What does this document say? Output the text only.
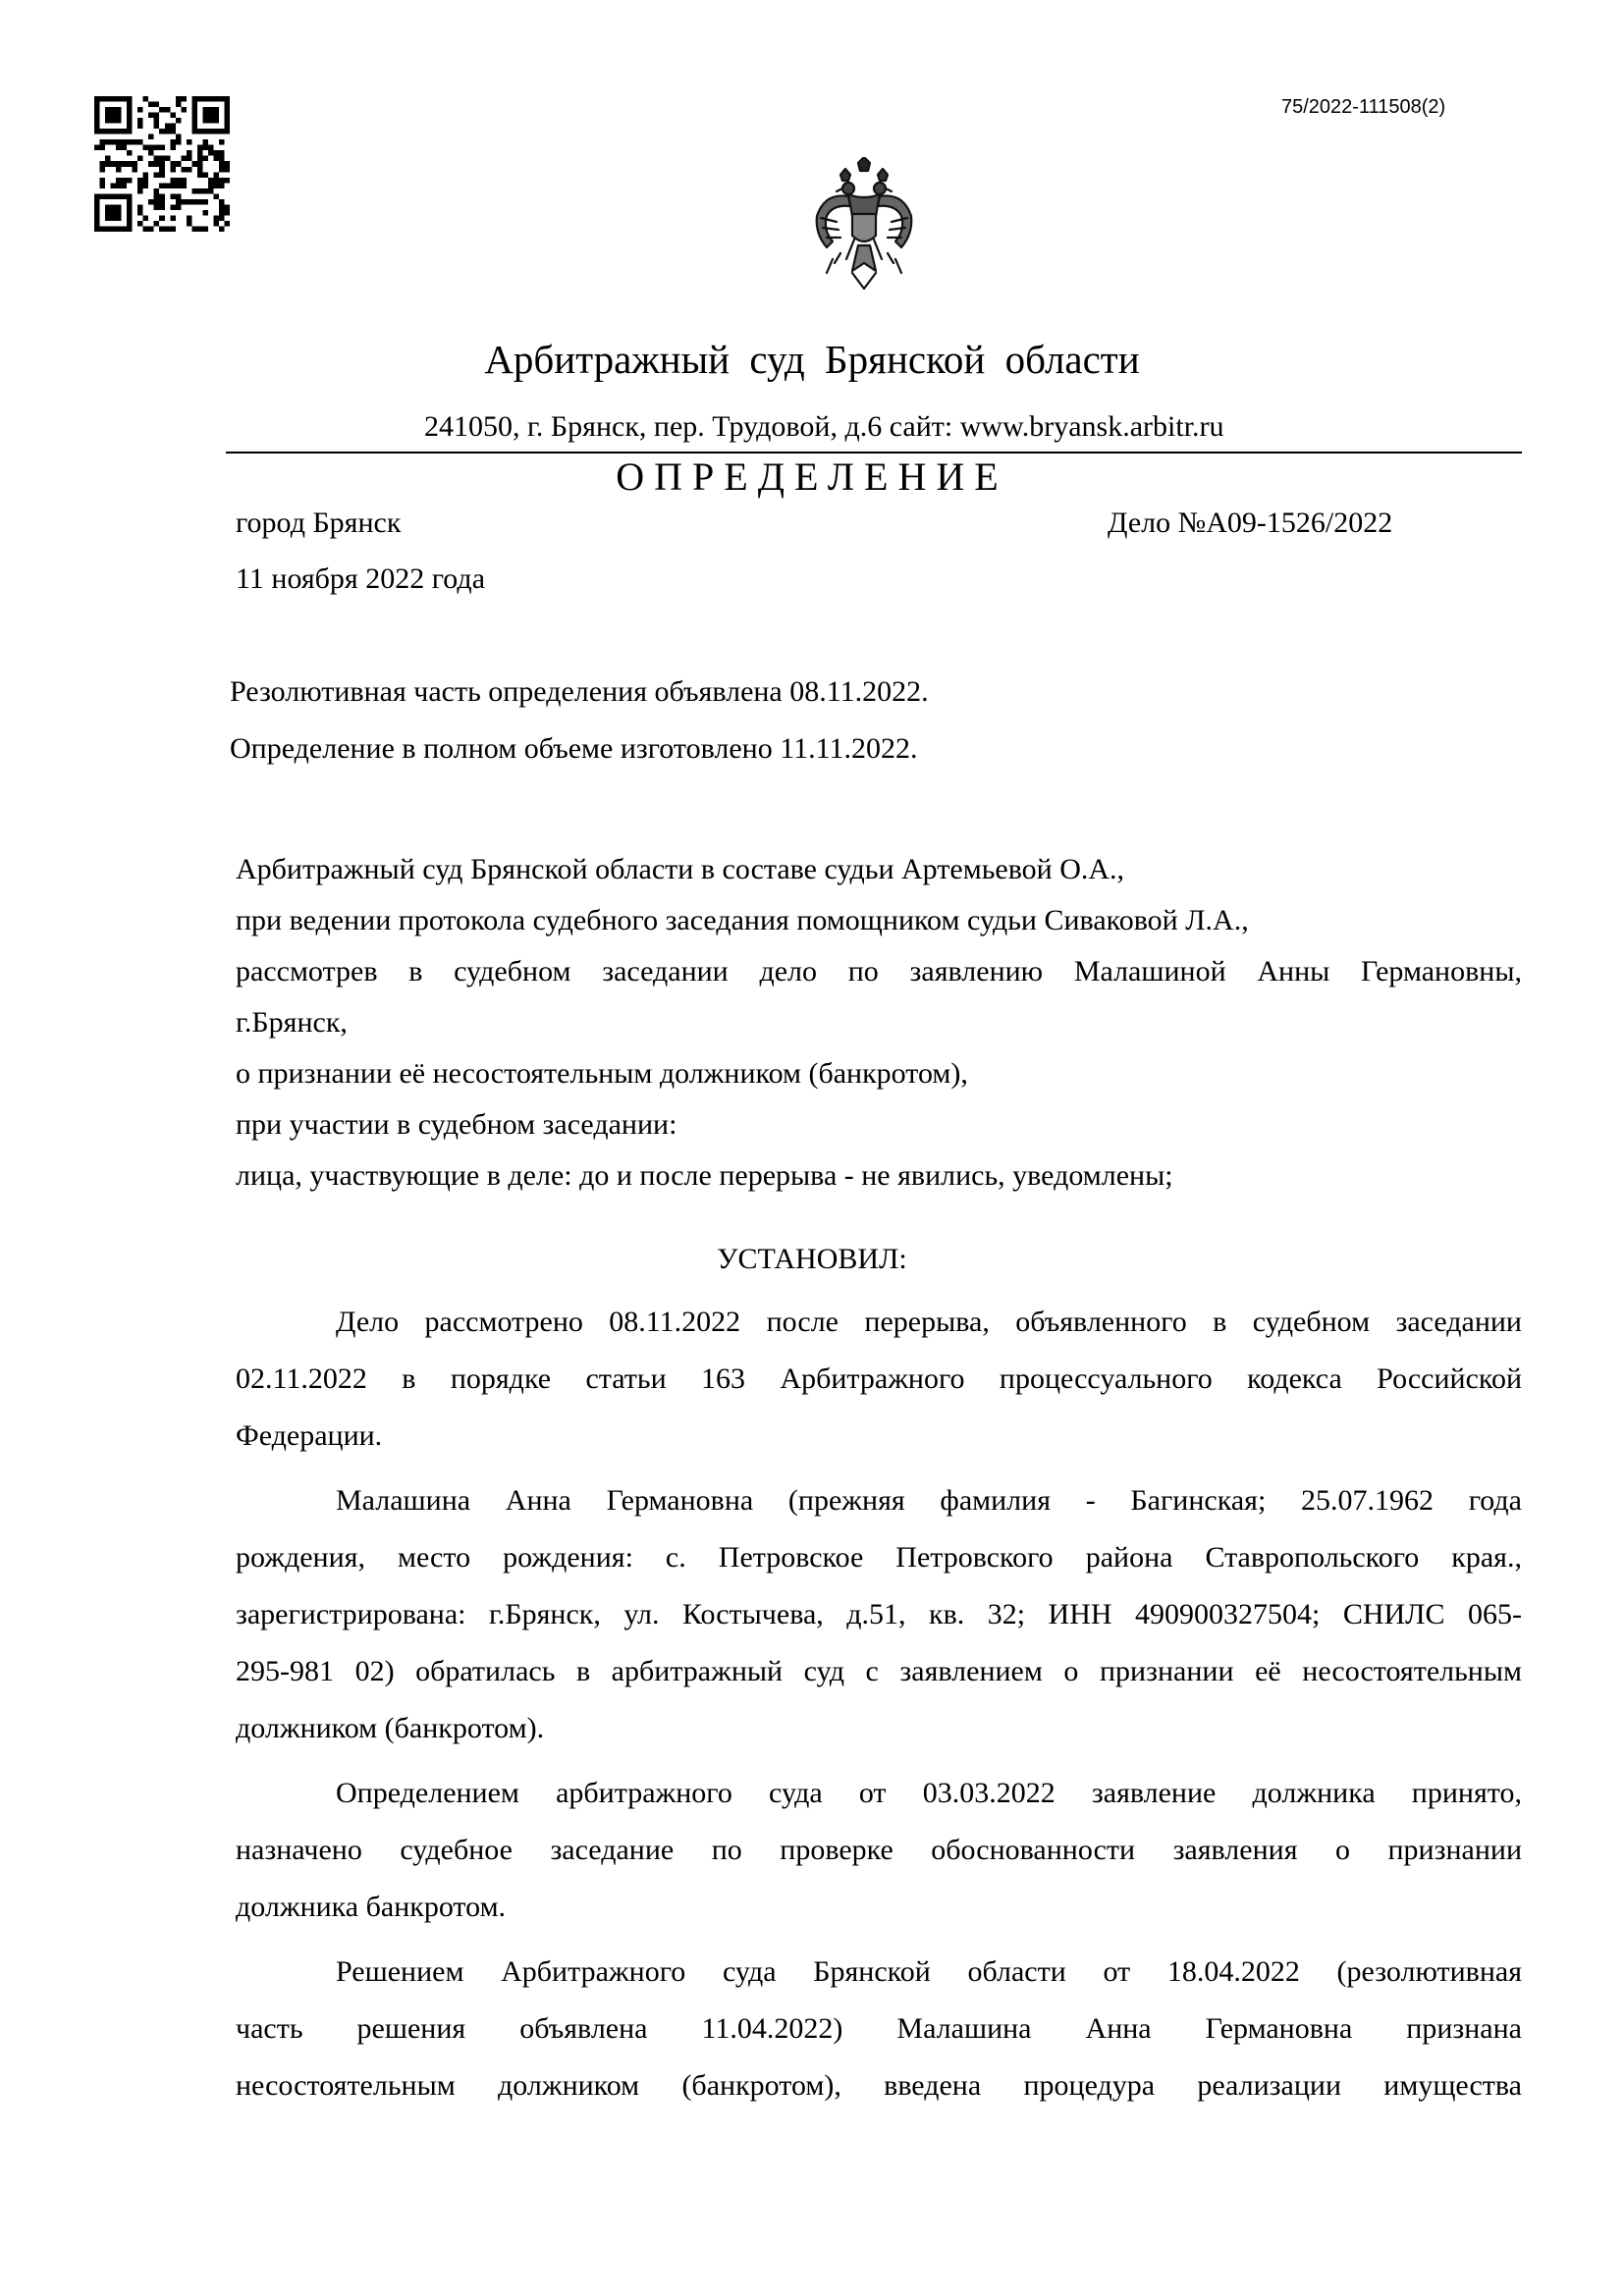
75/2022-111508(2)
Арбитражный суд Брянской области
241050, г. Брянск, пер. Трудовой, д.6 сайт: www.bryansk.arbitr.ru
ОПРЕДЕЛЕНИЕ
город Брянск	Дело №А09-1526/2022
11 ноября 2022 года
Резолютивная часть определения объявлена 08.11.2022.
Определение в полном объеме изготовлено 11.11.2022.
Арбитражный суд Брянской области в составе судьи Артемьевой О.А.,
при ведении протокола судебного заседания помощником судьи Сиваковой Л.А.,
рассмотрев в судебном заседании дело по заявлению Малашиной Анны Германовны,
г.Брянск,
о признании её несостоятельным должником (банкротом),
при участии в судебном заседании:
лица, участвующие в деле: до и после перерыва - не явились, уведомлены;
УСТАНОВИЛ:
Дело рассмотрено 08.11.2022 после перерыва, объявленного в судебном заседании
02.11.2022 в порядке статьи 163 Арбитражного процессуального кодекса Российской
Федерации.
Малашина Анна Германовна (прежняя фамилия - Багинская; 25.07.1962 года
рождения, место рождения: с. Петровское Петровского района Ставропольского края.,
зарегистрирована: г.Брянск, ул. Костычева, д.51, кв. 32; ИНН 490900327504; СНИЛС 065-
295-981 02) обратилась в арбитражный суд с заявлением о признании её несостоятельным
должником (банкротом).
Определением арбитражного суда от 03.03.2022 заявление должника принято,
назначено судебное заседание по проверке обоснованности заявления о признании
должника банкротом.
Решением Арбитражного суда Брянской области от 18.04.2022 (резолютивная
часть решения объявлена 11.04.2022) Малашина Анна Германовна признана
несостоятельным должником (банкротом), введена процедура реализации имущества
